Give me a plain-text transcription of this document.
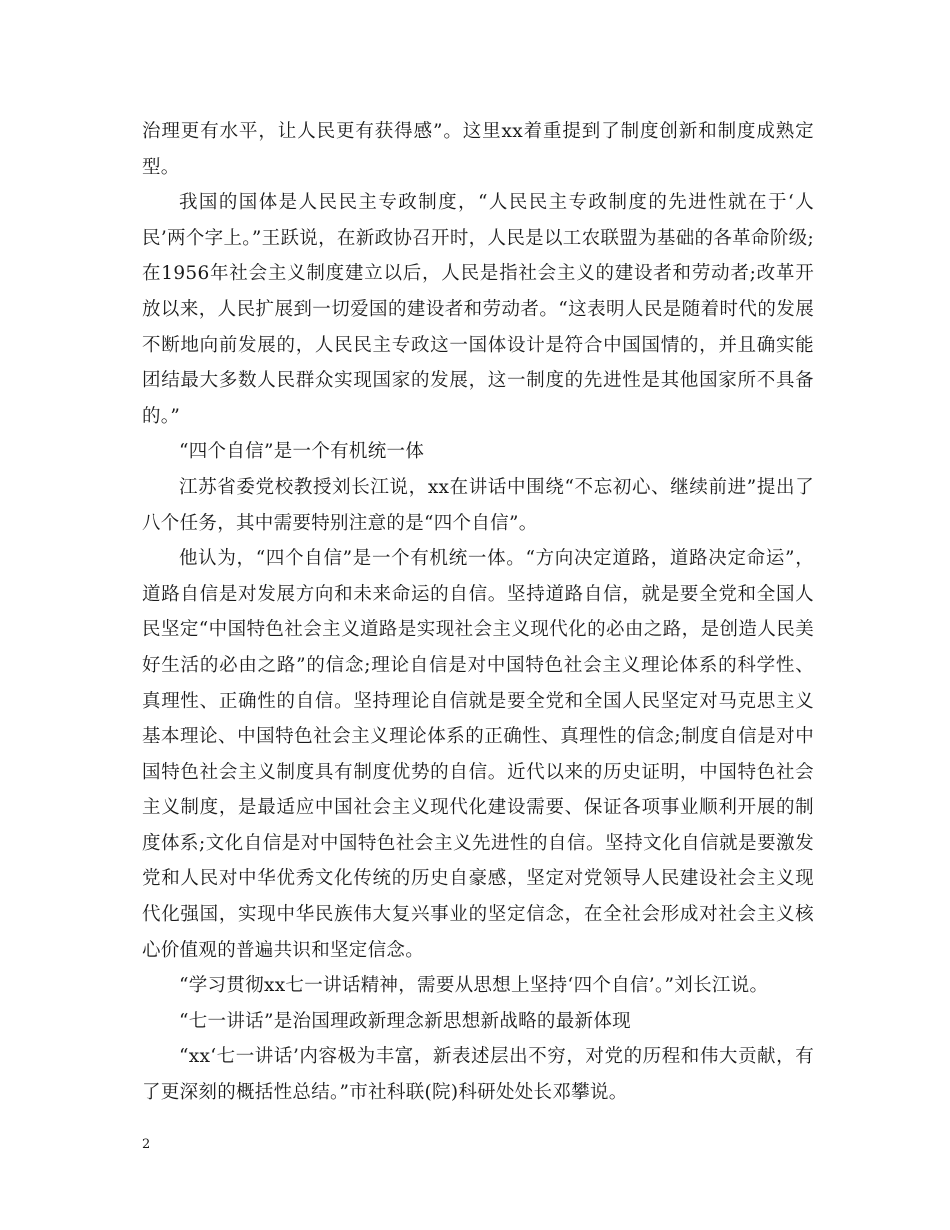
治理更有水平，让人民更有获得感”。这里xx着重提到了制度创新和制度成熟定型。

我国的国体是人民民主专政制度，“人民民主专政制度的先进性就在于‘人民’两个字上。”王跃说，在新政协召开时，人民是以工农联盟为基础的各革命阶级;在1956年社会主义制度建立以后，人民是指社会主义的建设者和劳动者;改革开放以来，人民扩展到一切爱国的建设者和劳动者。“这表明人民是随着时代的发展不断地向前发展的，人民民主专政这一国体设计是符合中国国情的，并且确实能团结最大多数人民群众实现国家的发展，这一制度的先进性是其他国家所不具备的。”

“四个自信”是一个有机统一体

江苏省委党校教授刘长江说，xx在讲话中围绕“不忘初心、继续前进”提出了八个任务，其中需要特别注意的是“四个自信”。

他认为，“四个自信”是一个有机统一体。“方向决定道路，道路决定命运”，道路自信是对发展方向和未来命运的自信。坚持道路自信，就是要全党和全国人民坚定“中国特色社会主义道路是实现社会主义现代化的必由之路，是创造人民美好生活的必由之路”的信念;理论自信是对中国特色社会主义理论体系的科学性、真理性、正确性的自信。坚持理论自信就是要全党和全国人民坚定对马克思主义基本理论、中国特色社会主义理论体系的正确性、真理性的信念;制度自信是对中国特色社会主义制度具有制度优势的自信。近代以来的历史证明，中国特色社会主义制度，是最适应中国社会主义现代化建设需要、保证各项事业顺利开展的制度体系;文化自信是对中国特色社会主义先进性的自信。坚持文化自信就是要激发党和人民对中华优秀文化传统的历史自豪感，坚定对党领导人民建设社会主义现代化强国，实现中华民族伟大复兴事业的坚定信念，在全社会形成对社会主义核心价值观的普遍共识和坚定信念。

“学习贯彻xx七一讲话精神，需要从思想上坚持‘四个自信’。”刘长江说。

“七一讲话”是治国理政新理念新思想新战略的最新体现

“xx‘七一讲话’内容极为丰富，新表述层出不穷，对党的历程和伟大贡献，有了更深刻的概括性总结。”市社科联(院)科研处处长邓攀说。

2
